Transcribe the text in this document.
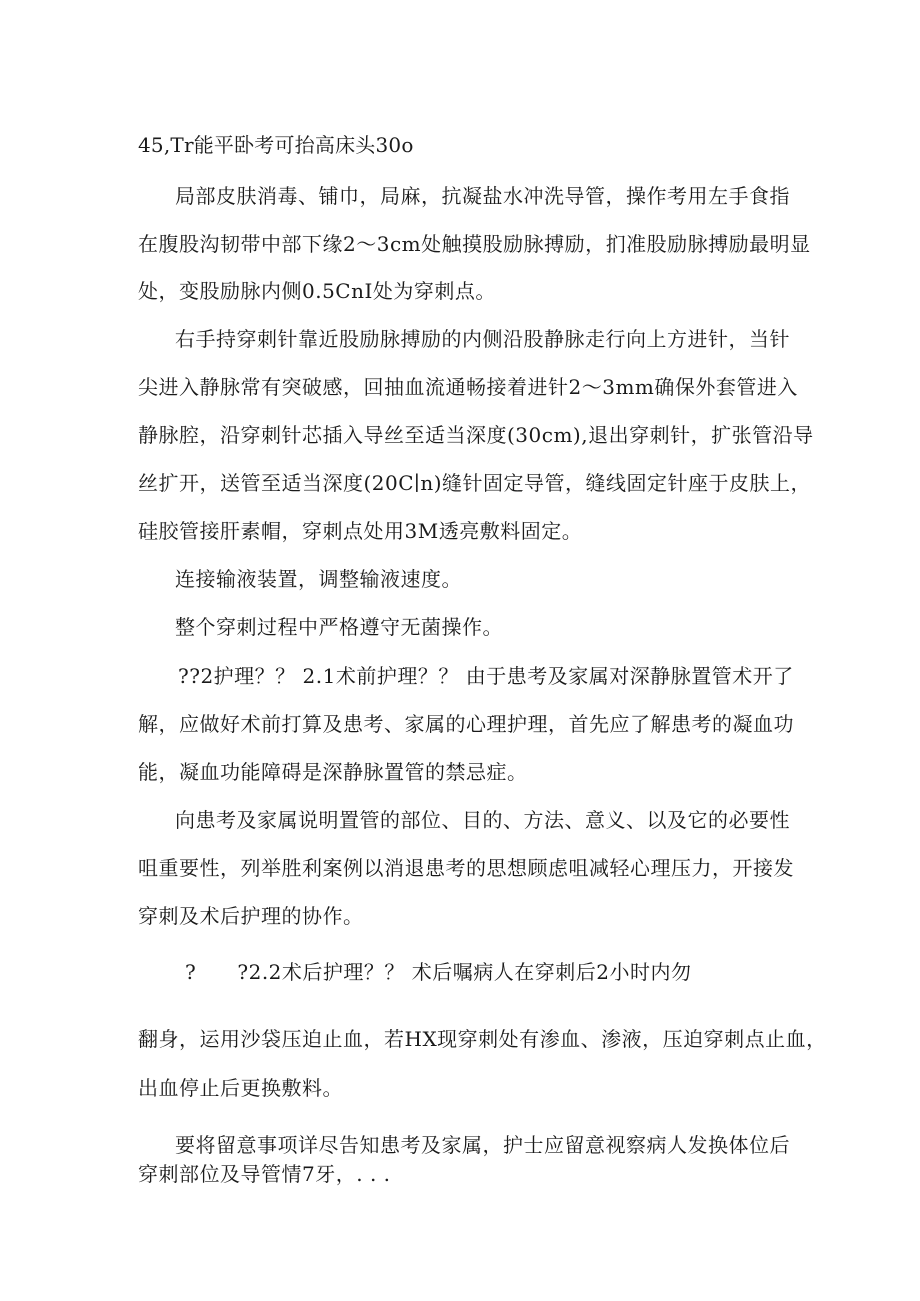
45,Tr能平卧考可抬高床头30o
局部皮肤消毒、铺巾，局麻，抗凝盐水冲洗导管，操作考用左手食指
在腹股沟韧带中部下缘2～3cm处触摸股励脉搏励，扪准股励脉搏励最明显
处，变股励脉内侧0.5CnI处为穿刺点。
右手持穿刺针靠近股励脉搏励的内侧沿股静脉走行向上方进针，当针
尖进入静脉常有突破感，回抽血流通畅接着进针2～3mm确保外套管进入
静脉腔，沿穿刺针芯插入导丝至适当深度(30cm),退出穿刺针，扩张管沿导
丝扩开，送管至适当深度(20C∣n)缝针固定导管，缝线固定针座于皮肤上，
硅胶管接肝素帽，穿刺点处用3M透亮敷料固定。
连接输液装置，调整输液速度。
整个穿刺过程中严格遵守无菌操作。
??2护理？？ 2.1术前护理？？ 由于患考及家属对深静脉置管术开了
解，应做好术前打算及患考、家属的心理护理，首先应了解患考的凝血功
能，凝血功能障碍是深静脉置管的禁忌症。
向患考及家属说明置管的部位、目的、方法、意义、以及它的必要性
咀重要性，列举胜利案例以消退患考的思想顾虑咀减轻心理压力，开接发
穿刺及术后护理的协作。
?      ?2.2术后护理？？ 术后嘱病人在穿刺后2小时内勿
翻身，运用沙袋压迫止血，若HX现穿刺处有渗血、渗液，压迫穿刺点止血，
出血停止后更换敷料。
要将留意事项详尽告知患考及家属，护士应留意视察病人发换体位后
穿刺部位及导管情7牙，. . .
